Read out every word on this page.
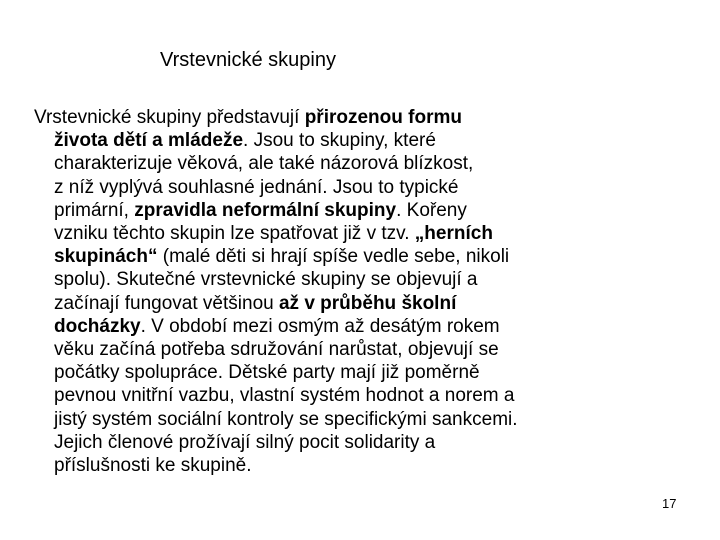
Vrstevnické skupiny

Vrstevnické skupiny představují přirozenou formu
života dětí a mládeže. Jsou to skupiny, které
charakterizuje věková, ale také názorová blízkost,
z níž vyplývá souhlasné jednání. Jsou to typické
primární, zpravidla neformální skupiny. Kořeny
vzniku těchto skupin lze spatřovat již v tzv. „herních
skupinách“ (malé děti si hrají spíše vedle sebe, nikoli
spolu). Skutečné vrstevnické skupiny se objevují a
začínají fungovat většinou až v průběhu školní
docházky. V období mezi osmým až desátým rokem
věku začíná potřeba sdružování narůstat, objevují se
počátky spolupráce. Dětské party mají již poměrně
pevnou vnitřní vazbu, vlastní systém hodnot a norem a
jistý systém sociální kontroly se specifickými sankcemi.
Jejich členové prožívají silný pocit solidarity a
příslušnosti ke skupině.

17
